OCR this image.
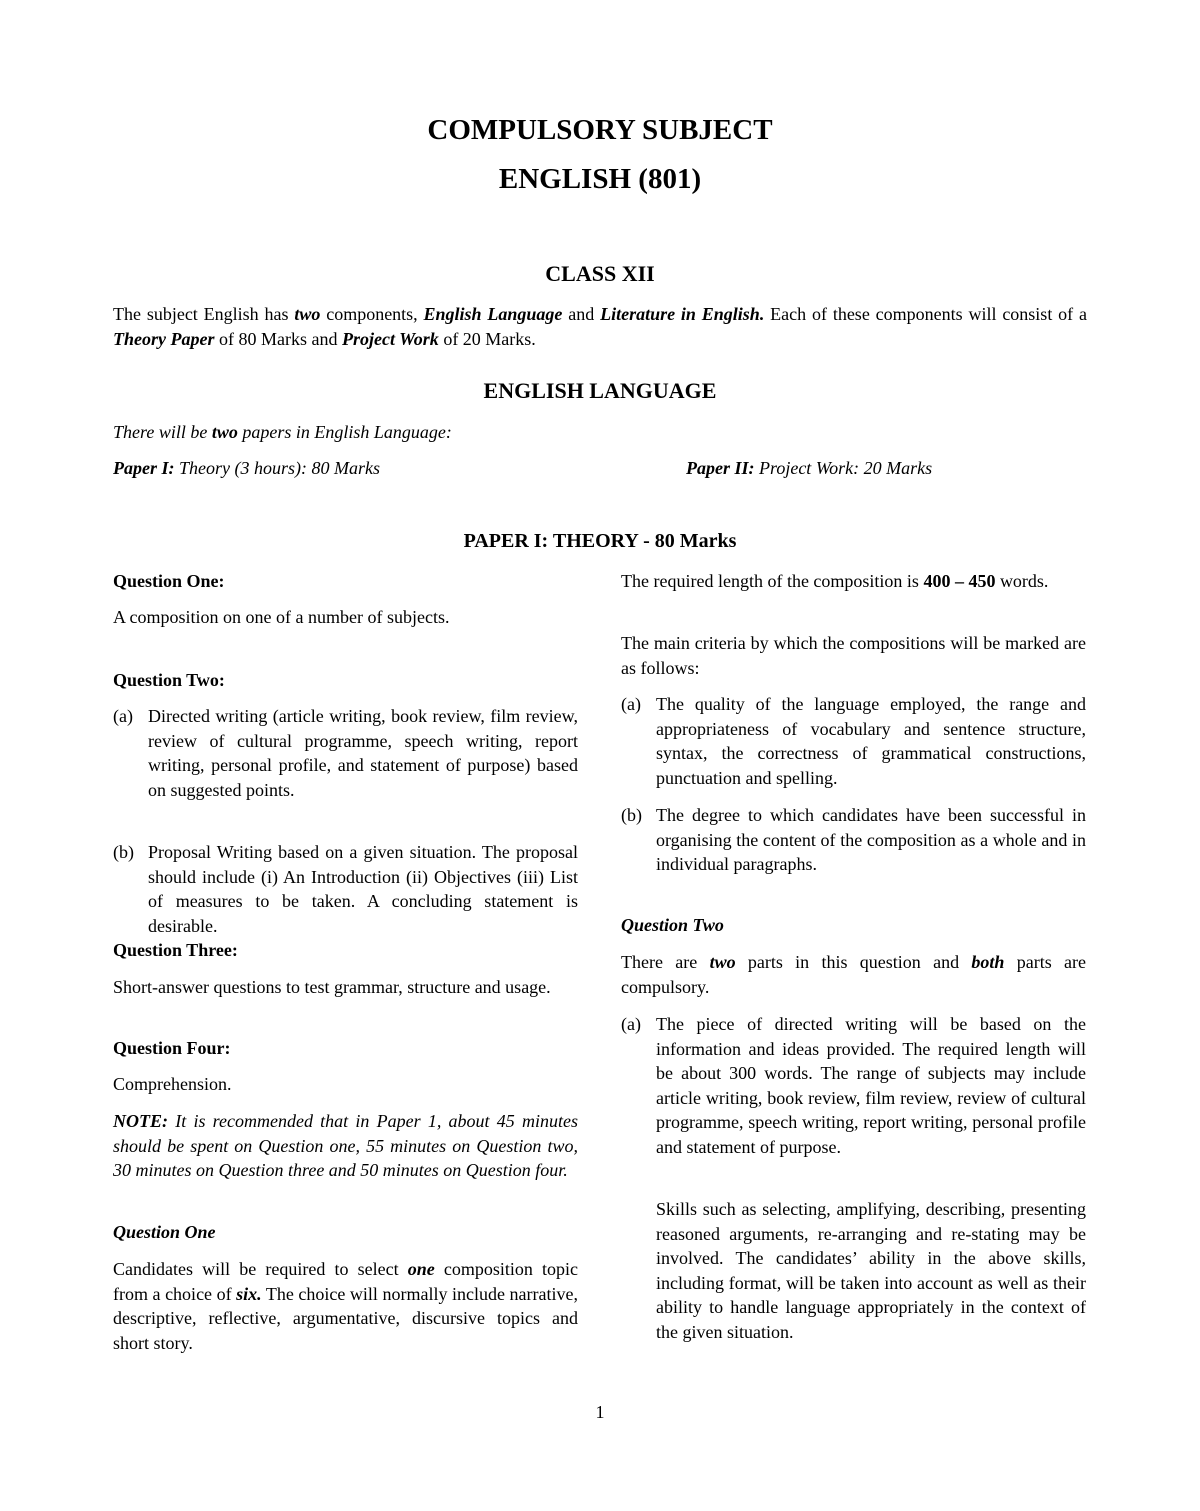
COMPULSORY SUBJECT
ENGLISH (801)
CLASS XII

The subject English has two components, English Language and Literature in English. Each of these components will consist of a Theory Paper of 80 Marks and Project Work of 20 Marks.

ENGLISH LANGUAGE

There will be two papers in English Language:

Paper I: Theory (3 hours): 80 Marks	Paper II: Project Work: 20 Marks

PAPER I: THEORY - 80 Marks

Question One:

A composition on one of a number of subjects.

Question Two:

(a) Directed writing (article writing, book review, film review, review of cultural programme, speech writing, report writing, personal profile, and statement of purpose) based on suggested points.
(b) Proposal Writing based on a given situation. The proposal should include (i) An Introduction (ii) Objectives (iii) List of measures to be taken. A concluding statement is desirable.

Question Three:

Short-answer questions to test grammar, structure and usage.

Question Four:

Comprehension.

NOTE: It is recommended that in Paper 1, about 45 minutes should be spent on Question one, 55 minutes on Question two, 30 minutes on Question three and 50 minutes on Question four.

Question One

Candidates will be required to select one composition topic from a choice of six. The choice will normally include narrative, descriptive, reflective, argumentative, discursive topics and short story.

The required length of the composition is 400 – 450 words.

The main criteria by which the compositions will be marked are as follows:

(a) The quality of the language employed, the range and appropriateness of vocabulary and sentence structure, syntax, the correctness of grammatical constructions, punctuation and spelling.
(b) The degree to which candidates have been successful in organising the content of the composition as a whole and in individual paragraphs.

Question Two

There are two parts in this question and both parts are compulsory.

(a) The piece of directed writing will be based on the information and ideas provided. The required length will be about 300 words. The range of subjects may include article writing, book review, film review, review of cultural programme, speech writing, report writing, personal profile and statement of purpose.

Skills such as selecting, amplifying, describing, presenting reasoned arguments, re-arranging and re-stating may be involved. The candidates’ ability in the above skills, including format, will be taken into account as well as their ability to handle language appropriately in the context of the given situation.

1
